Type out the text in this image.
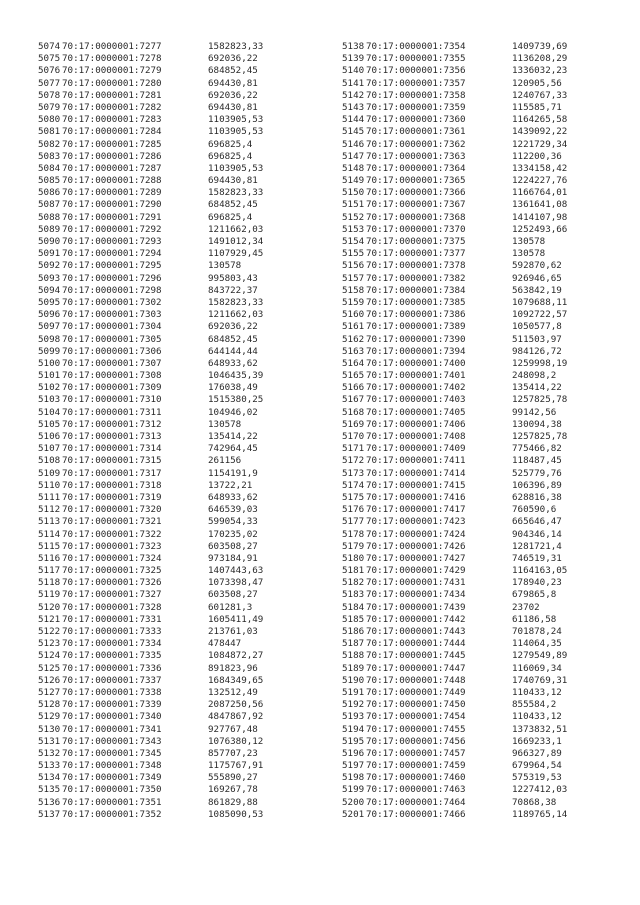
5074 70:17:0000001:7277	1582823,33
5075 70:17:0000001:7278	692036,22
5076 70:17:0000001:7279	684852,45
5077 70:17:0000001:7280	694430,81
5078 70:17:0000001:7281	692036,22
5079 70:17:0000001:7282	694430,81
5080 70:17:0000001:7283	1103905,53
5081 70:17:0000001:7284	1103905,53
5082 70:17:0000001:7285	696825,4
5083 70:17:0000001:7286	696825,4
5084 70:17:0000001:7287	1103905,53
5085 70:17:0000001:7288	694430,81
5086 70:17:0000001:7289	1582823,33
5087 70:17:0000001:7290	684852,45
5088 70:17:0000001:7291	696825,4
5089 70:17:0000001:7292	1211662,03
5090 70:17:0000001:7293	1491012,34
5091 70:17:0000001:7294	1107929,45
5092 70:17:0000001:7295	130578
5093 70:17:0000001:7296	995803,43
5094 70:17:0000001:7298	843722,37
5095 70:17:0000001:7302	1582823,33
5096 70:17:0000001:7303	1211662,03
5097 70:17:0000001:7304	692036,22
5098 70:17:0000001:7305	684852,45
5099 70:17:0000001:7306	644144,44
5100 70:17:0000001:7307	648933,62
5101 70:17:0000001:7308	1046435,39
5102 70:17:0000001:7309	176038,49
5103 70:17:0000001:7310	1515380,25
5104 70:17:0000001:7311	104946,02
5105 70:17:0000001:7312	130578
5106 70:17:0000001:7313	135414,22
5107 70:17:0000001:7314	742964,45
5108 70:17:0000001:7315	261156
5109 70:17:0000001:7317	1154191,9
5110 70:17:0000001:7318	13722,21
5111 70:17:0000001:7319	648933,62
5112 70:17:0000001:7320	646539,03
5113 70:17:0000001:7321	599054,33
5114 70:17:0000001:7322	170235,02
5115 70:17:0000001:7323	603508,27
5116 70:17:0000001:7324	973184,91
5117 70:17:0000001:7325	1407443,63
5118 70:17:0000001:7326	1073398,47
5119 70:17:0000001:7327	603508,27
5120 70:17:0000001:7328	601281,3
5121 70:17:0000001:7331	1605411,49
5122 70:17:0000001:7333	213761,03
5123 70:17:0000001:7334	478447
5124 70:17:0000001:7335	1084872,27
5125 70:17:0000001:7336	891823,96
5126 70:17:0000001:7337	1684349,65
5127 70:17:0000001:7338	132512,49
5128 70:17:0000001:7339	2087250,56
5129 70:17:0000001:7340	4847867,92
5130 70:17:0000001:7341	927767,48
5131 70:17:0000001:7343	1076380,12
5132 70:17:0000001:7345	857707,23
5133 70:17:0000001:7348	1175767,91
5134 70:17:0000001:7349	555890,27
5135 70:17:0000001:7350	169267,78
5136 70:17:0000001:7351	861829,88
5137 70:17:0000001:7352	1085090,53
5138 70:17:0000001:7354	1409739,69
5139 70:17:0000001:7355	1136208,29
5140 70:17:0000001:7356	1336032,23
5141 70:17:0000001:7357	120905,56
5142 70:17:0000001:7358	1240767,33
5143 70:17:0000001:7359	115585,71
5144 70:17:0000001:7360	1164265,58
5145 70:17:0000001:7361	1439092,22
5146 70:17:0000001:7362	1221729,34
5147 70:17:0000001:7363	112200,36
5148 70:17:0000001:7364	1334158,42
5149 70:17:0000001:7365	1224227,76
5150 70:17:0000001:7366	1166764,01
5151 70:17:0000001:7367	1361641,08
5152 70:17:0000001:7368	1414107,98
5153 70:17:0000001:7370	1252493,66
5154 70:17:0000001:7375	130578
5155 70:17:0000001:7377	130578
5156 70:17:0000001:7378	592870,62
5157 70:17:0000001:7382	926946,65
5158 70:17:0000001:7384	563842,19
5159 70:17:0000001:7385	1079688,11
5160 70:17:0000001:7386	1092722,57
5161 70:17:0000001:7389	1050577,8
5162 70:17:0000001:7390	511503,97
5163 70:17:0000001:7394	984126,72
5164 70:17:0000001:7400	1259998,19
5165 70:17:0000001:7401	248098,2
5166 70:17:0000001:7402	135414,22
5167 70:17:0000001:7403	1257825,78
5168 70:17:0000001:7405	99142,56
5169 70:17:0000001:7406	130094,38
5170 70:17:0000001:7408	1257825,78
5171 70:17:0000001:7409	775466,82
5172 70:17:0000001:7411	118487,45
5173 70:17:0000001:7414	525779,76
5174 70:17:0000001:7415	106396,89
5175 70:17:0000001:7416	628816,38
5176 70:17:0000001:7417	760590,6
5177 70:17:0000001:7423	665646,47
5178 70:17:0000001:7424	904346,14
5179 70:17:0000001:7426	1281721,4
5180 70:17:0000001:7427	746519,31
5181 70:17:0000001:7429	1164163,05
5182 70:17:0000001:7431	178940,23
5183 70:17:0000001:7434	679865,8
5184 70:17:0000001:7439	23702
5185 70:17:0000001:7442	61186,58
5186 70:17:0000001:7443	701878,24
5187 70:17:0000001:7444	114064,35
5188 70:17:0000001:7445	1279549,89
5189 70:17:0000001:7447	116069,34
5190 70:17:0000001:7448	1740769,31
5191 70:17:0000001:7449	110433,12
5192 70:17:0000001:7450	855584,2
5193 70:17:0000001:7454	110433,12
5194 70:17:0000001:7455	1373832,51
5195 70:17:0000001:7456	1669233,1
5196 70:17:0000001:7457	966327,89
5197 70:17:0000001:7459	679964,54
5198 70:17:0000001:7460	575319,53
5199 70:17:0000001:7463	1227412,03
5200 70:17:0000001:7464	70868,38
5201 70:17:0000001:7466	1189765,14
